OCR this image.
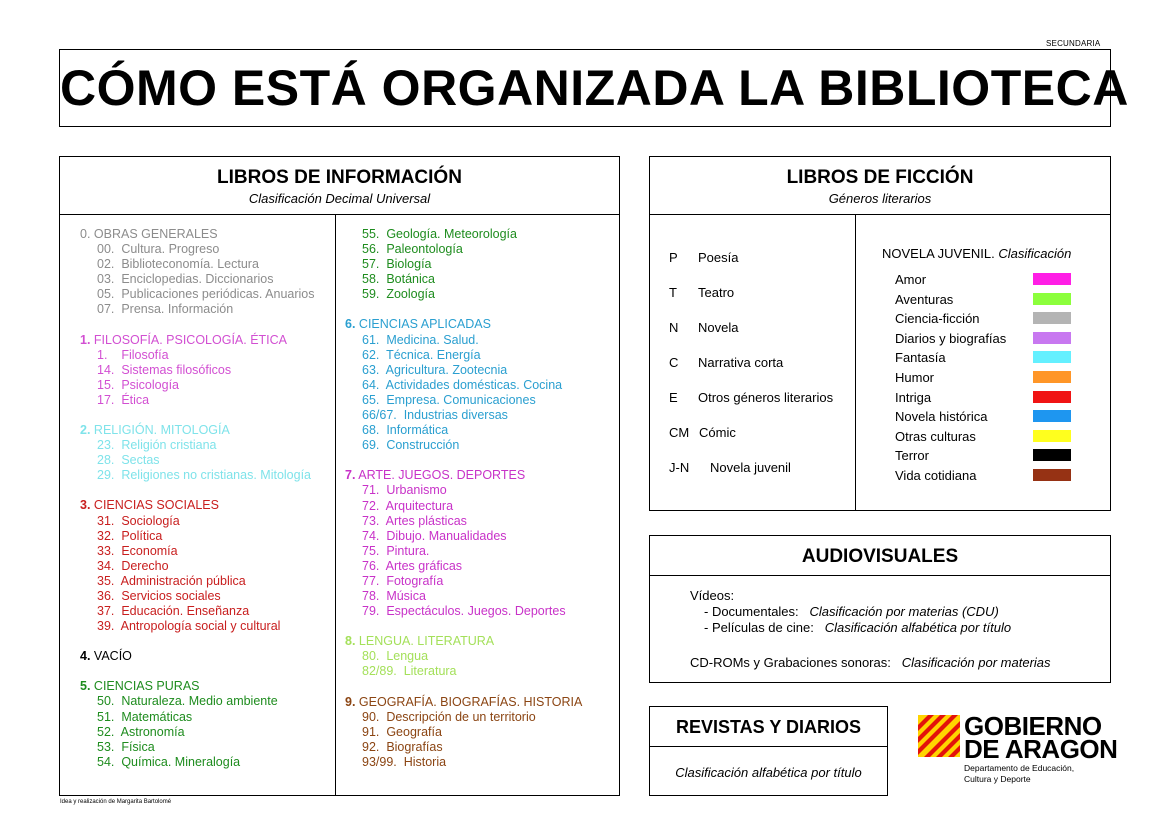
SECUNDARIA
CÓMO ESTÁ ORGANIZADA LA BIBLIOTECA
LIBROS DE INFORMACIÓN
Clasificación Decimal Universal
0. OBRAS GENERALES
00.  Cultura. Progreso
02.  Biblioteconomía. Lectura
03.  Enciclopedias. Diccionarios
05.  Publicaciones periódicas. Anuarios
07.  Prensa. Información
1. FILOSOFÍA. PSICOLOGÍA. ÉTICA
1.    Filosofía
14.  Sistemas filosóficos
15.  Psicología
17.  Ética
2. RELIGIÓN. MITOLOGÍA
23.  Religión cristiana
28.  Sectas
29.  Religiones no cristianas. Mitología
3. CIENCIAS SOCIALES
31.  Sociología
32.  Política
33.  Economía
34.  Derecho
35.  Administración pública
36.  Servicios sociales
37.  Educación. Enseñanza
39.  Antropología social y cultural
4. VACÍO
5. CIENCIAS PURAS
50.  Naturaleza. Medio ambiente
51.  Matemáticas
52.  Astronomía
53.  Física
54.  Química. Mineralogía
55.  Geología. Meteorología
56.  Paleontología
57.  Biología
58.  Botánica
59.  Zoología
6. CIENCIAS APLICADAS
61.  Medicina. Salud.
62.  Técnica. Energía
63.  Agricultura. Zootecnia
64.  Actividades domésticas. Cocina
65.  Empresa. Comunicaciones
66/67.  Industrias diversas
68.  Informática
69.  Construcción
7. ARTE. JUEGOS. DEPORTES
71.  Urbanismo
72.  Arquitectura
73.  Artes plásticas
74.  Dibujo. Manualidades
75.  Pintura.
76.  Artes gráficas
77.  Fotografía
78.  Música
79.  Espectáculos. Juegos. Deportes
8. LENGUA. LITERATURA
80.  Lengua
82/89.  Literatura
9. GEOGRAFÍA. BIOGRAFÍAS. HISTORIA
90.  Descripción de un territorio
91.  Geografía
92.  Biografías
93/99.  Historia
LIBROS DE FICCIÓN
Géneros literarios
P Poesía
T Teatro
N Novela
C Narrativa corta
E Otros géneros literarios
CM Cómic
J-N Novela juvenil
NOVELA JUVENIL. Clasificación
Amor
Aventuras
Ciencia-ficción
Diarios y biografías
Fantasía
Humor
Intriga
Novela histórica
Otras culturas
Terror
Vida cotidiana
AUDIOVISUALES
Vídeos:
- Documentales: Clasificación por materias (CDU)
- Películas de cine: Clasificación alfabética por título
CD-ROMs y Grabaciones sonoras: Clasificación por materias
REVISTAS Y DIARIOS
Clasificación alfabética por título
GOBIERNO
DE ARAGON
Departamento de Educación,
Cultura y Deporte
Idea y realización de Margarita Bartolomé
